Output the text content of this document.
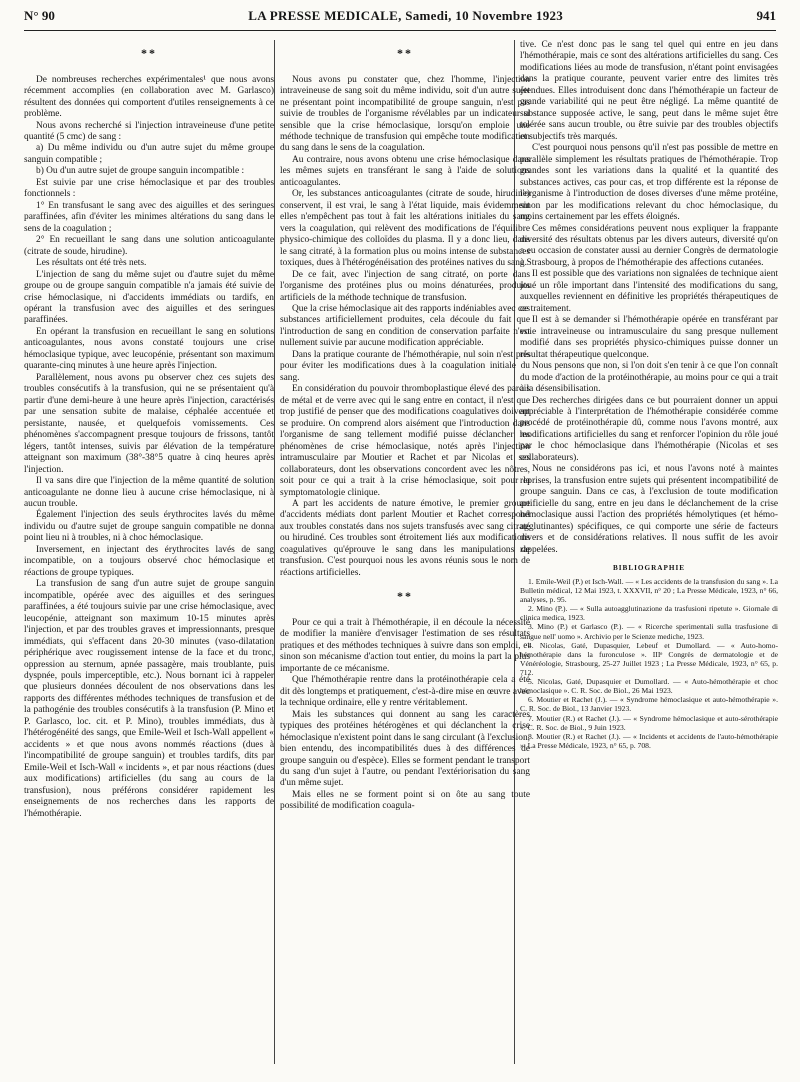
N° 90	LA PRESSE MEDICALE, Samedi, 10 Novembre 1923	941
**

De nombreuses recherches expérimentales¹ que nous avons récemment accomplies (en collaboration avec M. Garlasco) résultent des données qui comportent d'utiles renseignements à ce problème.

Nous avons recherché si l'injection intraveineuse d'une petite quantité (5 cmc) de sang :

a) Du même individu ou d'un autre sujet du même groupe sanguin compatible ;

b) Ou d'un autre sujet de groupe sanguin incompatible :

Est suivie par une crise hémoclasique et par des troubles fonctionnels :

1° En transfusant le sang avec des aiguilles et des seringues paraffinées, afin d'éviter les minimes altérations du sang dans le sens de la coagulation ;

2° En recueillant le sang dans une solution anticoagulante (citrate de soude, hirudine).

Les résultats ont été très nets.

L'injection de sang du même sujet ou d'autre sujet du même groupe ou de groupe sanguin compatible n'a jamais été suivie de crise hémoclasique, ni d'accidents immédiats ou tardifs, en opérant la transfusion avec des aiguilles et des seringues paraffinées.

En opérant la transfusion en recueillant le sang en solutions anticoagulantes, nous avons constaté toujours une crise hémoclasique typique, avec leucopénie, présentant son maximum quarante-cinq minutes à une heure après l'injection.

Parallèlement, nous avons pu observer chez ces sujets des troubles consécutifs à la transfusion, qui ne se présentaient qu'à partir d'une demi-heure à une heure après l'injection, caractérisés par une sensation subite de malaise, céphalée accentuée et persistante, nausée, et quelquefois vomissements. Ces phénomènes s'accompagnent presque toujours de frissons, tantôt légers, tantôt intenses, suivis par élévation de la température atteignant son maximum (38°-38°5 quatre à cinq heures après l'injection.

Il va sans dire que l'injection de la même quantité de solution anticoagulante ne donne lieu à aucune crise hémoclasique, ni à aucun trouble.

Également l'injection des seuls érythrocites lavés du même individu ou d'autre sujet de groupe sanguin compatible ne donna point lieu ni à troubles, ni à choc hémoclasique.

Inversement, en injectant des érythrocites lavés de sang incompatible, on a toujours observé choc hémoclasique et réactions de groupe typiques.

La transfusion de sang d'un autre sujet de groupe sanguin incompatible, opérée avec des aiguilles et des seringues paraffinées, a été toujours suivie par une crise hémoclasique, avec leucopénie, atteignant son maximum 10-15 minutes après l'injection, et par des troubles graves et impressionnants, presque immédiats, qui s'effacent dans 20-30 minutes (vaso-dilatation périphérique avec rougissement intense de la face et du tronc, oppression au sternum, apnée passagère, mais troublante, puis dyspnée, pouls imperceptible, etc.). Nous bornant ici à rappeler que plusieurs données découlent de nos observations dans les rapports des différentes méthodes techniques de transfusion et de la pathogénie des troubles consécutifs à la transfusion (P. Mino et P. Garlasco, loc. cit. et P. Mino), troubles immédiats, dus à l'hétérogénéité des sangs, que Emile-Weil et Isch-Wall appellent « accidents » et que nous avons nommés réactions (dues à l'incompatibilité de groupe sanguin) et troubles tardifs, dits par Emile-Weil et Isch-Wall « incidents », et par nous réactions (dues aux modifications) artificielles (du sang au cours de la transfusion), nous préférons considérer rapidement les enseignements de nos recherches dans les rapports de l'hémothérapie.

**

Nous avons pu constater que, chez l'homme, l'injection intraveineuse de sang soit du même individu, soit d'un autre sujet ne présentant point incompatibilité de groupe sanguin, n'est pas suivie de troubles de l'organisme révélables par un indicateur si sensible que la crise hémoclasique, lorsqu'on emploie une méthode technique de transfusion qui empêche toute modification du sang dans le sens de la coagulation.

Au contraire, nous avons obtenu une crise hémoclasique dans les mêmes sujets en transférant le sang à l'aide de solutions anticoagulantes.

Or, les substances anticoagulantes (citrate de soude, hirudine) conservent, il est vrai, le sang à l'état liquide, mais évidemment elles n'empêchent pas tout à fait les altérations initiales du sang vers la coagulation, qui relèvent des modifications de l'équilibre physico-chimique des colloïdes du plasma. Il y a donc lieu, dans le sang citraté, à la formation plus ou moins intense de substances toxiques, dues à l'hétérogénéisation des protéines natives du sang.

De ce fait, avec l'injection de sang citraté, on porte dans l'organisme des protéines plus ou moins dénaturées, produits artificiels de la méthode technique de transfusion.

Que la crise hémoclasique ait des rapports indéniables avec ces substances artificiellement produites, cela découle du fait que l'introduction de sang en condition de conservation parfaite n'est nullement suivie par aucune modification appréciable.

Dans la pratique courante de l'hémothérapie, nul soin n'est pris pour éviter les modifications dues à la coagulation initiale du sang.

En considération du pouvoir thromboplastique élevé des parois de métal et de verre avec qui le sang entre en contact, il n'est que trop justifié de penser que des modifications coagulatives doivent se produire. On comprend alors aisément que l'introduction dans l'organisme de sang tellement modifié puisse déclancher les phénomènes de crise hémoclasique, notés après l'injection intramusculaire par Moutier et Rachet et par Nicolas et ses collaborateurs, dont les observations concordent avec les nôtres, soit pour ce qui a trait à la crise hémoclasique, soit pour la symptomatologie clinique.

A part les accidents de nature émotive, le premier groupe d'accidents médiats dont parlent Moutier et Rachet correspond aux troubles constatés dans nos sujets transfusés avec sang citraté ou hirudiné. Ces troubles sont étroitement liés aux modifications coagulatives qu'éprouve le sang dans les manipulations de transfusion. C'est pourquoi nous les avons réunis sous le nom de réactions artificielles.

**

Pour ce qui a trait à l'hémothérapie, il en découle la nécessité de modifier la manière d'envisager l'estimation de ses résultats pratiques et des méthodes techniques à suivre dans son emploi, et sinon son mécanisme d'action tout entier, du moins la part la plus importante de ce mécanisme.

Que l'hémothérapie rentre dans la protéinothérapie cela a été dit dès longtemps et pratiquement, c'est-à-dire mise en œuvre avec la technique ordinaire, elle y rentre véritablement.

Mais les substances qui donnent au sang les caractères typiques des protéines hétérogènes et qui déclanchent la crise hémoclasique n'existent point dans le sang circulant (à l'exclusion, bien entendu, des incompatibilités dues à des différences de groupe sanguin ou d'espèce). Elles se forment pendant le transport du sang d'un sujet à l'autre, ou pendant l'extériorisation du sang d'un même sujet.

Mais elles ne se forment point si on ôte au sang toute possibilité de modification coagula-

tive. Ce n'est donc pas le sang tel quel qui entre en jeu dans l'hémothérapie, mais ce sont des altérations artificielles du sang. Ces modifications liées au mode de transfusion, n'étant point envisagées dans la pratique courante, peuvent varier entre des limites très étendues. Elles introduisent donc dans l'hémothérapie un facteur de grande variabilité qui ne peut être négligé. La même quantité de substance supposée active, le sang, peut dans le même sujet être tolérée sans aucun trouble, ou être suivie par des troubles objectifs et subjectifs très marqués.

C'est pourquoi nous pensons qu'il n'est pas possible de mettre en parallèle simplement les résultats pratiques de l'hémothérapie. Trop grandes sont les variations dans la qualité et la quantité des substances actives, cas pour cas, et trop différente est la réponse de l'organisme à l'introduction de doses diverses d'une même protéine, sinon par les modifications relevant du choc hémoclasique, du moins certainement par les effets éloignés.

Ces mêmes considérations peuvent nous expliquer la frappante diversité des résultats obtenus par les divers auteurs, diversité qu'on a eu occasion de constater aussi au dernier Congrès de dermatologie à Strasbourg, à propos de l'hémothérapie des affections cutanées.

Il est possible que des variations non signalées de technique aient joué un rôle important dans l'intensité des modifications du sang, auxquelles reviennent en définitive les propriétés thérapeutiques de ce traitement.

Il est à se demander si l'hémothérapie opérée en transférant par voie intraveineuse ou intramusculaire du sang presque nullement modifié dans ses propriétés physico-chimiques puisse donner un résultat thérapeutique quelconque.

Nous pensons que non, si l'on doit s'en tenir à ce que l'on connaît du mode d'action de la protéinothérapie, au moins pour ce qui a trait à la désensibilisation.

Des recherches dirigées dans ce but pourraient donner un appui appréciable à l'interprétation de l'hémothérapie considérée comme procédé de protéinothérapie dû, comme nous l'avons montré, aux modifications artificielles du sang et renforcer l'opinion du rôle joué par le choc hémoclasique dans l'hémothérapie (Nicolas et ses collaborateurs).

Nous ne considérons pas ici, et nous l'avons noté à maintes reprises, la transfusion entre sujets qui présentent incompatibilité de groupe sanguin. Dans ce cas, à l'exclusion de toute modification artificielle du sang, entre en jeu dans le déclanchement de la crise hémoclasique aussi l'action des propriétés hémolytiques (et hémo-agglutinantes) spécifiques, ce qui comporte une série de facteurs divers et de considérations relatives. Il nous suffit de les avoir rappelées.

BIBLIOGRAPHIE

1. Emile-Weil (P.) et Isch-Wall. — « Les accidents de la transfusion du sang ». La Bulletin médical, 12 Mai 1923, t. XXXVII, n° 20 ; La Presse Médicale, 1923, n° 66, analyses, p. 95.

2. Mino (P.). — « Sulla autoagglutinazione da trasfusioni ripetute ». Giornale di clinica medica, 1923.

3. Mino (P.) et Garlasco (P.). — « Ricerche sperimentali sulla trasfusione di sangue nell' uomo ». Archivio per le Scienze mediche, 1923.

4. Nicolas, Gaté, Dupasquier, Lebeuf et Dumollard. — « Auto-homo-hémothérapie dans la furonculose ». IIIᵉ Congrès de dermatologie et de Vénéréologie, Strasbourg, 25-27 Juillet 1923 ; La Presse Médicale, 1923, n° 65, p. 712.

5. Nicolas, Gaté, Dupasquier et Dumollard. — « Auto-hémothérapie et choc hémoclasique ». C. R. Soc. de Biol., 26 Mai 1923.

6. Moutier et Rachet (J.). — « Syndrome hémoclasique et auto-hémothérapie ». C. R. Soc. de Biol., 13 Janvier 1923.

7. Moutier (R.) et Rachet (J.). — « Syndrome hémoclasique et auto-sérothérapie ». C. R. Soc. de Biol., 9 Juin 1923.

8. Moutier (R.) et Rachet (J.). — « Incidents et accidents de l'auto-hémothérapie ». La Presse Médicale, 1923, n° 65, p. 708.
